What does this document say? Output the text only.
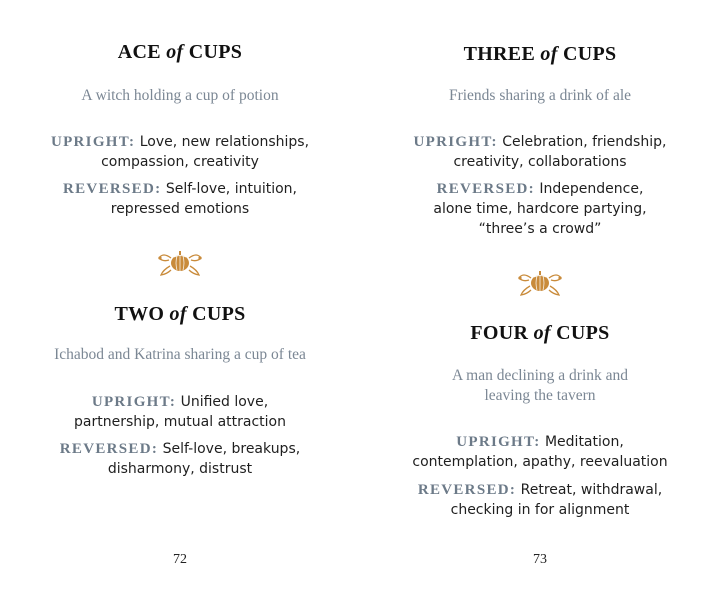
ACE of CUPS
A witch holding a cup of potion
UPRIGHT: Love, new relationships,
compassion, creativity
REVERSED: Self-love, intuition,
repressed emotions
TWO of CUPS
Ichabod and Katrina sharing a cup of tea
UPRIGHT: Unified love,
partnership, mutual attraction
REVERSED: Self-love, breakups,
disharmony, distrust
72
THREE of CUPS
Friends sharing a drink of ale
UPRIGHT: Celebration, friendship,
creativity, collaborations
REVERSED: Independence,
alone time, hardcore partying,
“three’s a crowd”
FOUR of CUPS
A man declining a drink and
leaving the tavern
UPRIGHT: Meditation,
contemplation, apathy, reevaluation
REVERSED: Retreat, withdrawal,
checking in for alignment
73
